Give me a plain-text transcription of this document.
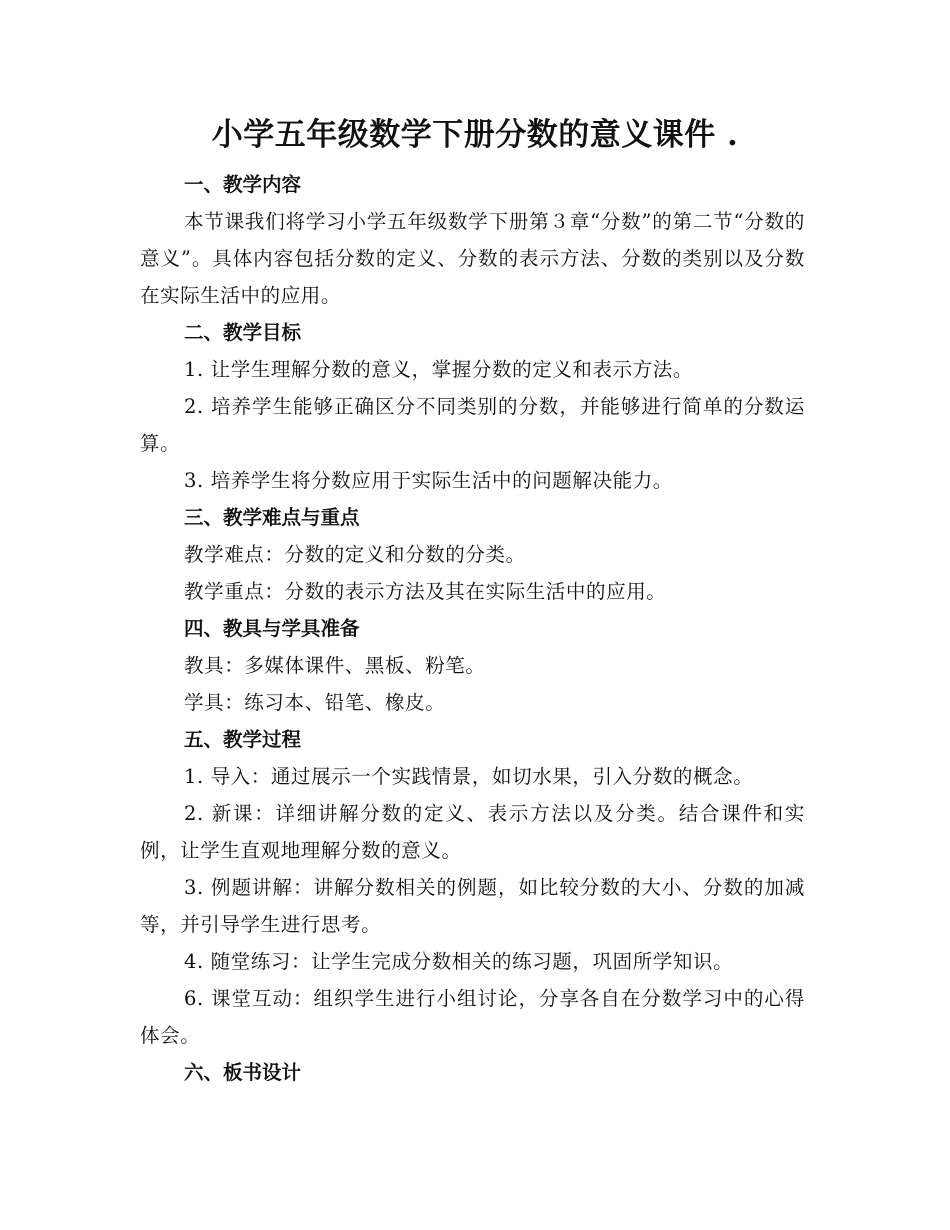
小学五年级数学下册分数的意义课件 .
一、教学内容
本节课我们将学习小学五年级数学下册第３章“分数”的第二节“分数的意义”。具体内容包括分数的定义、分数的表示方法、分数的类别以及分数在实际生活中的应用。
二、教学目标
1. 让学生理解分数的意义，掌握分数的定义和表示方法。
2. 培养学生能够正确区分不同类别的分数，并能够进行简单的分数运算。
3. 培养学生将分数应用于实际生活中的问题解决能力。
三、教学难点与重点
教学难点：分数的定义和分数的分类。
教学重点：分数的表示方法及其在实际生活中的应用。
四、教具与学具准备
教具：多媒体课件、黑板、粉笔。
学具：练习本、铅笔、橡皮。
五、教学过程
1. 导入：通过展示一个实践情景，如切水果，引入分数的概念。
2. 新课：详细讲解分数的定义、表示方法以及分类。结合课件和实例，让学生直观地理解分数的意义。
3. 例题讲解：讲解分数相关的例题，如比较分数的大小、分数的加减等，并引导学生进行思考。
4. 随堂练习：让学生完成分数相关的练习题，巩固所学知识。
6. 课堂互动：组织学生进行小组讨论，分享各自在分数学习中的心得体会。
六、板书设计
